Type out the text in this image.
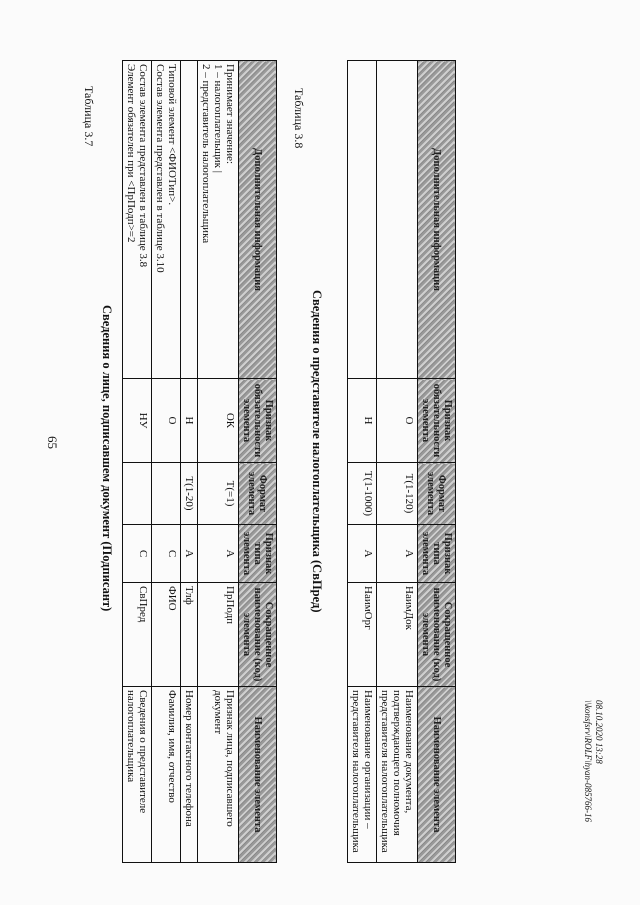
65
Таблица 3.7
Сведения о лице, подписавшем документ (Подписант)
Таблица 3.8
Сведения о представителе налогоплательщика (СвПред)
08.10.2020 13:28
\\konsfsrv\ROLF\hyan-085766-16
Дополнительная информация	Признак обязательности элемента	Формат элемента	Признак типа элемента	Сокращенное наименование (код) элемента	Наименование элемента
Принимает значение:
1 – налогоплательщик |
2 – представитель налогоплательщика	ОК	Т(=1)	А	ПрПодп	Признак лица, подписавшего документ
	Н	Т(1-20)	А	Тлф	Номер контактного телефона
Типовой элемент <ФИОТип>.
Состав элемента представлен в таблице 3.10	О		С	ФИО	Фамилия, имя, отчество
Состав элемента представлен в таблице 3.8
Элемент обязателен при <ПрПодп>=2	НУ		С	СвПред	Сведения о представителе налогоплательщика
Дополнительная информация	Признак обязательности элемента	Формат элемента	Признак типа элемента	Сокращенное наименование (код) элемента	Наименование элемента
	О	Т(1-120)	А	НаимДок	Наименование документа, подтверждающего полномочия представителя налогоплательщика
	Н	Т(1-1000)	А	НаимОрг	Наименование организации – представителя налогоплательщика
